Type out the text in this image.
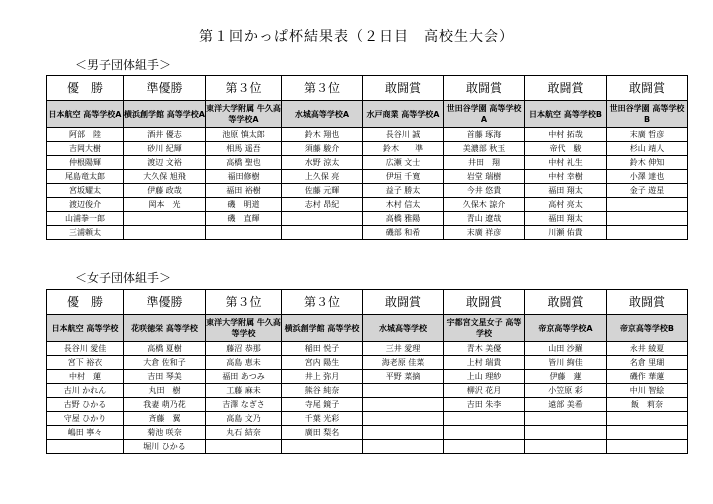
第１回かっぱ杯結果表（２日目　高校生大会）
＜男子団体組手＞
優　勝	準優勝	第３位	第３位	敢闘賞	敢闘賞	敢闘賞	敢闘賞
日本航空 高等学校A	横浜創学館 高等学校A	東洋大学附属 牛久高等学校A	水城高等学校A	水戸商業 高等学校A	世田谷学園 高等学校A	日本航空 高等学校B	世田谷学園 高等学校B
阿部　陸	酒井 優志	池原 慎太郎	鈴木 翔也	長谷川 誠	首藤 琢海	中村 拓哉	末廣 哲彦
吉岡大樹	砂川 紀輝	相馬 遥吾	須藤 駿介	鈴木　　凖	美濃部 秋玉	帝代　駿	杉山 靖人
仲根陽輝	渡辺 文裕	高橋 聖也	水野 涼太	広瀬 文士	井田　翔	中村 礼生	鈴木 伸知
尾島竜太郎	大久保 旭飛	福田修樹	上久保 亮	伊垣 千寛	岩堂 瑞樹	中村 幸樹	小澤 達也
宮坂耀太	伊藤 政哉	福田 裕樹	佐藤 元輝	益子 勝太	今井 悠貴	福田 翔太	金子 遊星
渡辺俊介	岡本　光	磯　明道	志村 昂紀	木村 信太	久保木 諒介	高村 亮太	
山浦拳一郎		磯　直輝		高橋 雅陽	青山 遼哉	福田 翔太	
三浦頼太				磯部 和希	末廣 祥彦	川瀬 佑貴	
＜女子団体組手＞
優　勝	準優勝	第３位	第３位	敢闘賞	敢闘賞	敢闘賞	敢闘賞
日本航空 高等学校	花咲徳栄 高等学校	東洋大学附属 牛久高等学校	横浜創学館 高等学校	水城高等学校	宇都宮文星女子 高等学校	帝京高等学校A	帝京高等学校B
長谷川 愛佳	高橋 夏樹	藤沼 恭那	稲田 悦子	三井 愛理	青木 美優	山田 沙羅	永井 綾夏
宮下 裕衣	大倉 佐和子	高島 恵未	宮内 陽生	海老原 佳菜	上村 瑞貴	皆川 絢佳	名倉 里瑚
中村　蓮	吉田 琴美	福田 あつみ	井上 弥月	平野 菜摘	上山 理紗	伊藤　蓮	磯作 華蓮
古川 かれん	丸田　樹	工藤 麻未	熊谷 純奈		柳沢 花月	小笠原 彩	中川 智絵
古野 ひかる	我妻 萌乃花	吉澤 なぎさ	寺尾 鏡子		吉田 朱李	遠部 美希	飯　莉奈
守屋 ひかり	斉藤　翼	高島 文乃	千葉 光彩				
嶋田 寧々	菊池 咲奈	丸石 結奈	廣田 梨名				
	堀川 ひかる						
